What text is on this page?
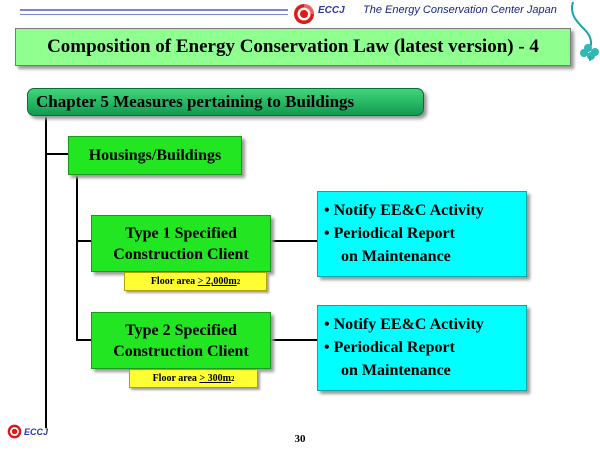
ECCJ The Energy Conservation Center Japan
Composition of Energy Conservation Law (latest version) - 4
Chapter 5 Measures pertaining to Buildings
Housings/Buildings
Type 1 Specified
Construction Client
Floor area
> 2,000m 2
Type 2 Specified
Construction Client
Floor area
> 300m 2
• Notify EE&C Activity
• Periodical Report
on Maintenance
• Notify EE&C Activity
• Periodical Report
on Maintenance
ECCJ
30
